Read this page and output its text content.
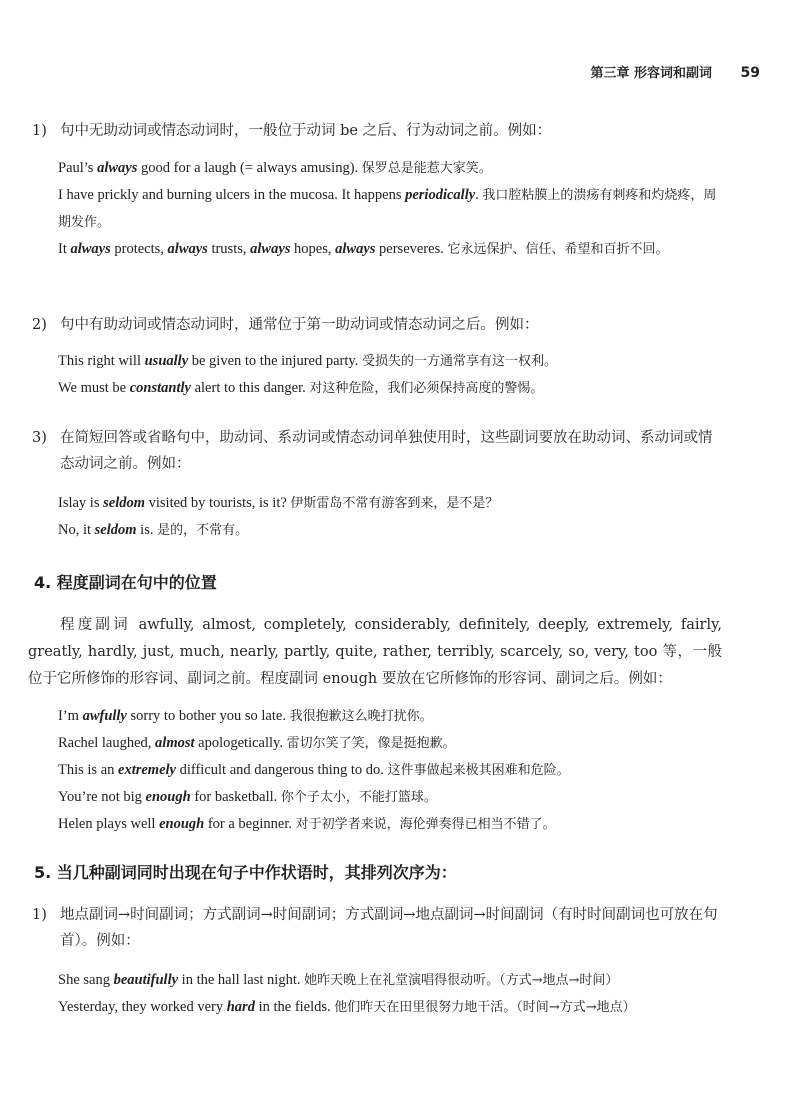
第三章 形容词和副词 59
1) 句中无助动词或情态动词时，一般位于动词 be 之后、行为动词之前。例如：
Paul’s always good for a laugh (= always amusing). 保罗总是能惹大家笑。
I have prickly and burning ulcers in the mucosa. It happens periodically. 我口腔粘膜上的溃疡有刺疼和灼烧疼，周期发作。
It always protects, always trusts, always hopes, always perseveres. 它永远保护、信任、希望和百折不回。
2) 句中有助动词或情态动词时，通常位于第一助动词或情态动词之后。例如：
This right will usually be given to the injured party. 受损失的一方通常享有这一权利。
We must be constantly alert to this danger. 对这种危险，我们必须保持高度的警惕。
3) 在简短回答或省略句中，助动词、系动词或情态动词单独使用时，这些副词要放在助动词、系动词或情态动词之前。例如：
Islay is seldom visited by tourists, is it? 伊斯雷岛不常有游客到来，是不是？
No, it seldom is. 是的，不常有。
4. 程度副词在句中的位置
程度副词 awfully, almost, completely, considerably, definitely, deeply, extremely, fairly, greatly, hardly, just, much, nearly, partly, quite, rather, terribly, scarcely, so, very, too 等，一般位于它所修饰的形容词、副词之前。程度副词 enough 要放在它所修饰的形容词、副词之后。例如：
I’m awfully sorry to bother you so late. 我很抱歉这么晚打扰你。
Rachel laughed, almost apologetically. 雷切尔笑了笑，像是挺抱歉。
This is an extremely difficult and dangerous thing to do. 这件事做起来极其困难和危险。
You’re not big enough for basketball. 你个子太小，不能打篮球。
Helen plays well enough for a beginner. 对于初学者来说，海伦弹奏得已相当不错了。
5. 当几种副词同时出现在句子中作状语时，其排列次序为：
1) 地点副词→时间副词；方式副词→时间副词；方式副词→地点副词→时间副词（有时时间副词也可放在句首）。例如：
She sang beautifully in the hall last night. 她昨天晚上在礼堂演唱得很动听。（方式→地点→时间）
Yesterday, they worked very hard in the fields. 他们昨天在田里很努力地干活。（时间→方式→地点）
